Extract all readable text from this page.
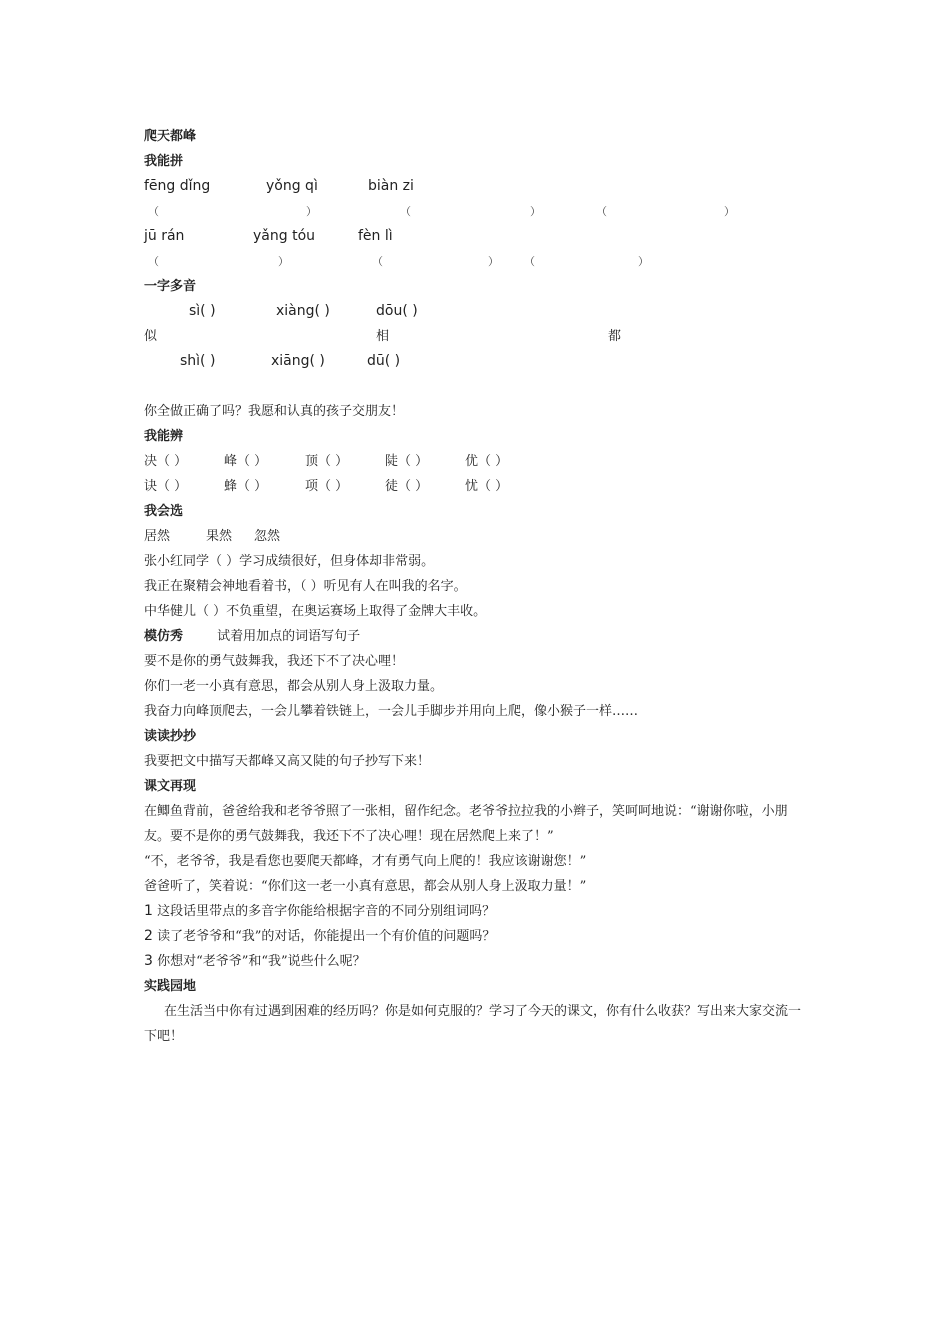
爬天都峰
我能拼
fēng dǐng	yǒng qì	biàn zi
（	）	（	）	（	）
jū rán	yǎng tóu	fèn lì
（	）	（	） （	）
一字多音
sì( )	xiàng( )	dōu( )
似	相	都
shì( )	xiāng( )	dū( )
你全做正确了吗？我愿和认真的孩子交朋友！
我能辨
决（ ）	峰（ ）	顶（ ）	陡（ ）	优（ ）
诀（ ）	蜂（ ）	项（ ）	徒（ ）	忧（ ）
我会选
居然	果然 忽然
张小红同学（ ）学习成绩很好，但身体却非常弱。
我正在聚精会神地看着书，（ ）听见有人在叫我的名字。
中华健儿（ ）不负重望，在奥运赛场上取得了金牌大丰收。
模仿秀	试着用加点的词语写句子
要不是你的勇气鼓舞我，我还下不了决心哩！
你们一老一小真有意思，都会从别人身上汲取力量。
我奋力向峰顶爬去，一会儿攀着铁链上，一会儿手脚步并用向上爬，像小猴子一样……
读读抄抄
我要把文中描写天都峰又高又陡的句子抄写下来！
课文再现
在鲫鱼背前，爸爸给我和老爷爷照了一张相，留作纪念。老爷爷拉拉我的小辫子，笑呵呵地说：“谢谢你啦，小朋友。要不是你的勇气鼓舞我，我还下不了决心哩！现在居然爬上来了！”
“不，老爷爷，我是看您也要爬天都峰，才有勇气向上爬的！我应该谢谢您！”
爸爸听了，笑着说：“你们这一老一小真有意思，都会从别人身上汲取力量！”
1 这段话里带点的多音字你能给根据字音的不同分别组词吗？
2 读了老爷爷和“我”的对话，你能提出一个有价值的问题吗？
3 你想对“老爷爷”和“我”说些什么呢？
实践园地
在生活当中你有过遇到困难的经历吗？你是如何克服的？学习了今天的课文，你有什么收获？写出来大家交流一下吧！
